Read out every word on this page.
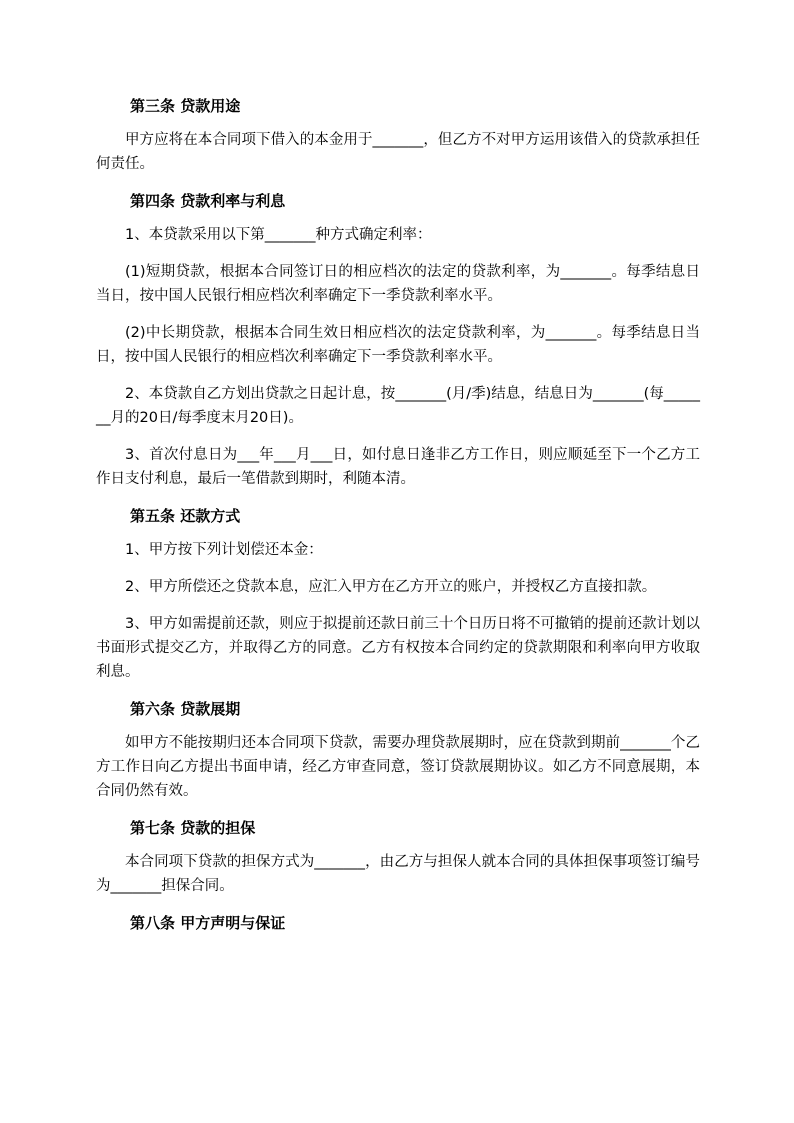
第三条 贷款用途

甲方应将在本合同项下借入的本金用于_______，但乙方不对甲方运用该借入的贷款承担任何责任。

第四条 贷款利率与利息

1、本贷款采用以下第_______种方式确定利率：

(1)短期贷款，根据本合同签订日的相应档次的法定的贷款利率，为_______。每季结息日当日，按中国人民银行相应档次利率确定下一季贷款利率水平。

(2)中长期贷款，根据本合同生效日相应档次的法定贷款利率，为_______。每季结息日当日，按中国人民银行的相应档次利率确定下一季贷款利率水平。

2、本贷款自乙方划出贷款之日起计息，按_______(月/季)结息，结息日为_______(每_______月的20日/每季度末月20日)。

3、首次付息日为___年___月___日，如付息日逢非乙方工作日，则应顺延至下一个乙方工作日支付利息，最后一笔借款到期时，利随本清。

第五条 还款方式

1、甲方按下列计划偿还本金：

2、甲方所偿还之贷款本息，应汇入甲方在乙方开立的账户，并授权乙方直接扣款。

3、甲方如需提前还款，则应于拟提前还款日前三十个日历日将不可撤销的提前还款计划以书面形式提交乙方，并取得乙方的同意。乙方有权按本合同约定的贷款期限和利率向甲方收取利息。

第六条 贷款展期

如甲方不能按期归还本合同项下贷款，需要办理贷款展期时，应在贷款到期前_______个乙方工作日向乙方提出书面申请，经乙方审查同意，签订贷款展期协议。如乙方不同意展期，本合同仍然有效。

第七条 贷款的担保

本合同项下贷款的担保方式为_______，由乙方与担保人就本合同的具体担保事项签订编号为_______担保合同。

第八条 甲方声明与保证
